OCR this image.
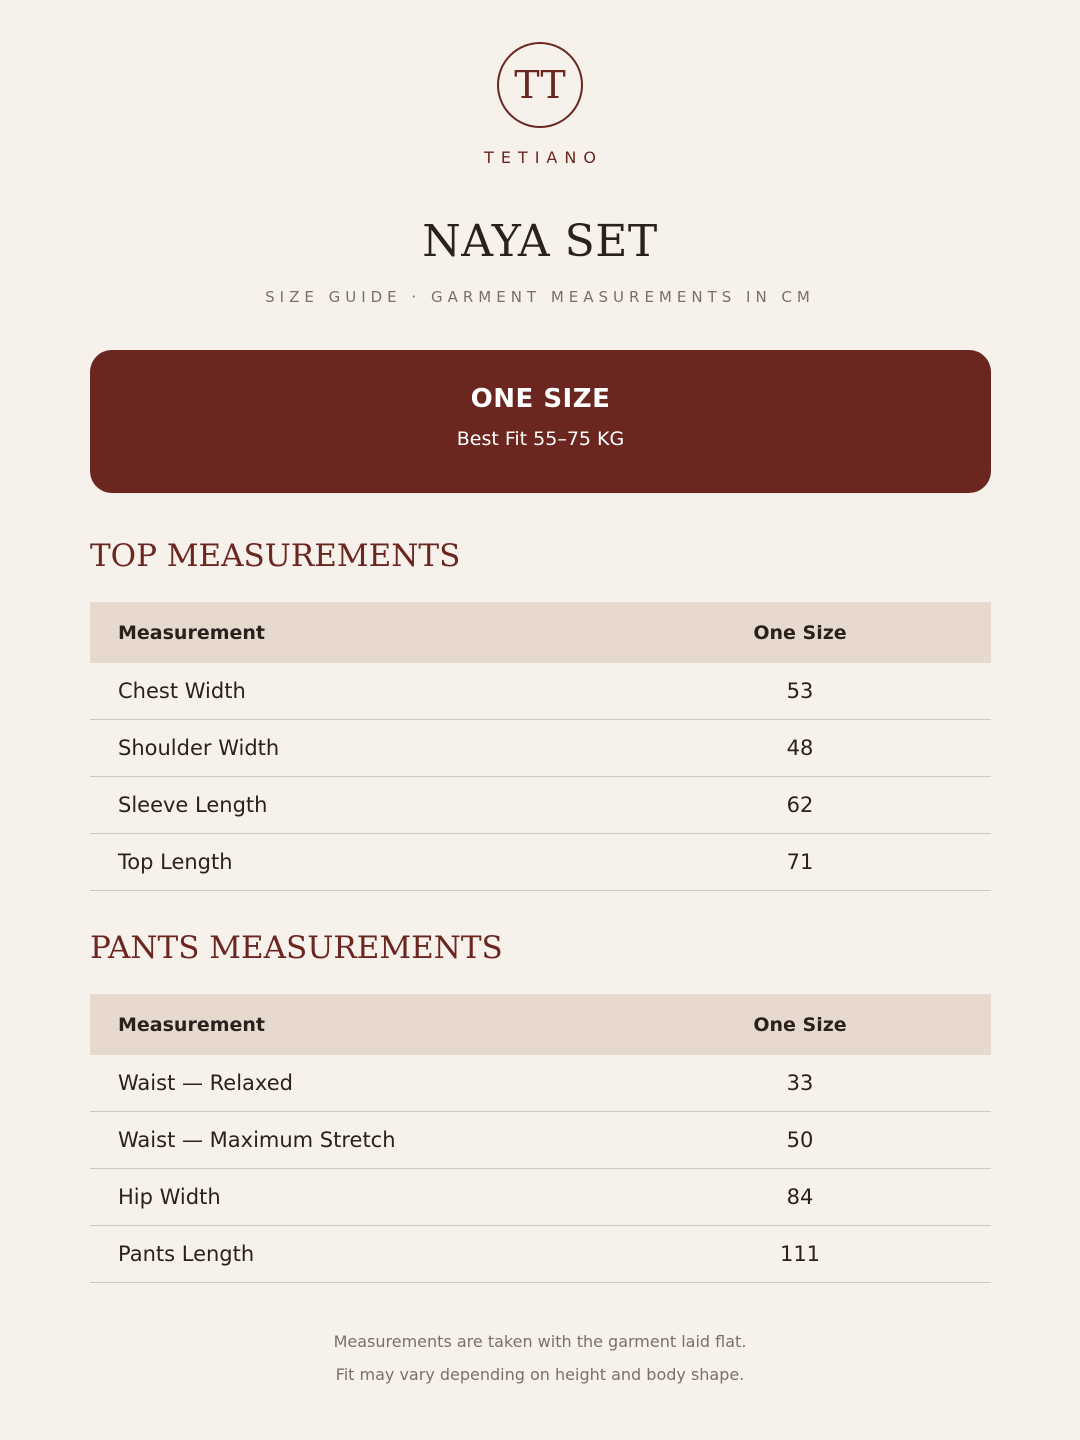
TT
TETIANO
NAYA SET
SIZE GUIDE · GARMENT MEASUREMENTS IN CM
ONE SIZE
Best Fit 55–75 KG
TOP MEASUREMENTS
Measurement	One Size
Chest Width	53
Shoulder Width	48
Sleeve Length	62
Top Length	71
PANTS MEASUREMENTS
Measurement	One Size
Waist — Relaxed	33
Waist — Maximum Stretch	50
Hip Width	84
Pants Length	111
Measurements are taken with the garment laid flat.
Fit may vary depending on height and body shape.
